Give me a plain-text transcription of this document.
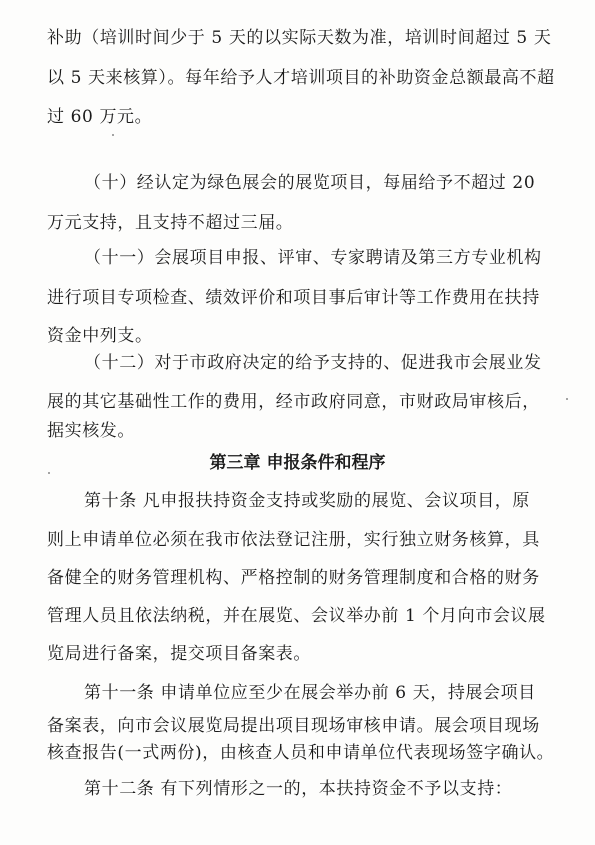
补助（培训时间少于 5 天的以实际天数为准，培训时间超过 5 天
以 5 天来核算）。每年给予人才培训项目的补助资金总额最高不超
过 60 万元。
（十）经认定为绿色展会的展览项目，每届给予不超过 20
万元支持，且支持不超过三届。
（十一）会展项目申报、评审、专家聘请及第三方专业机构
进行项目专项检查、绩效评价和项目事后审计等工作费用在扶持
资金中列支。
（十二）对于市政府决定的给予支持的、促进我市会展业发
展的其它基础性工作的费用，经市政府同意，市财政局审核后，
据实核发。
第三章 申报条件和程序
第十条 凡申报扶持资金支持或奖励的展览、会议项目，原
则上申请单位必须在我市依法登记注册，实行独立财务核算，具
备健全的财务管理机构、严格控制的财务管理制度和合格的财务
管理人员且依法纳税，并在展览、会议举办前 1 个月向市会议展
览局进行备案，提交项目备案表。
第十一条 申请单位应至少在展会举办前 6 天，持展会项目
备案表，向市会议展览局提出项目现场审核申请。展会项目现场
核查报告(一式两份)，由核查人员和申请单位代表现场签字确认。
第十二条 有下列情形之一的，本扶持资金不予以支持：
